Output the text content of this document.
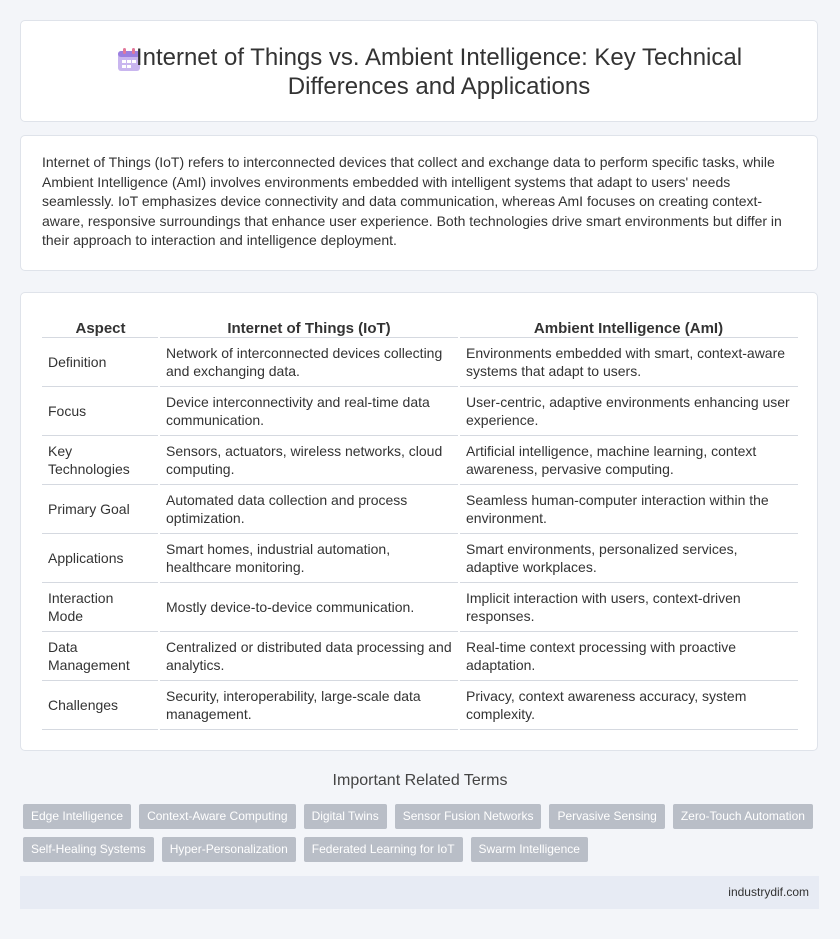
Internet of Things vs. Ambient Intelligence: Key Technical Differences and Applications

Internet of Things (IoT) refers to interconnected devices that collect and exchange data to perform specific tasks, while Ambient Intelligence (AmI) involves environments embedded with intelligent systems that adapt to users' needs seamlessly. IoT emphasizes device connectivity and data communication, whereas AmI focuses on creating context-aware, responsive surroundings that enhance user experience. Both technologies drive smart environments but differ in their approach to interaction and intelligence deployment.

Aspect	Internet of Things (IoT)	Ambient Intelligence (AmI)
Definition	Network of interconnected devices collecting and exchanging data.	Environments embedded with smart, context-aware systems that adapt to users.
Focus	Device interconnectivity and real-time data communication.	User-centric, adaptive environments enhancing user experience.
Key Technologies	Sensors, actuators, wireless networks, cloud computing.	Artificial intelligence, machine learning, context awareness, pervasive computing.
Primary Goal	Automated data collection and process optimization.	Seamless human-computer interaction within the environment.
Applications	Smart homes, industrial automation, healthcare monitoring.	Smart environments, personalized services, adaptive workplaces.
Interaction Mode	Mostly device-to-device communication.	Implicit interaction with users, context-driven responses.
Data Management	Centralized or distributed data processing and analytics.	Real-time context processing with proactive adaptation.
Challenges	Security, interoperability, large-scale data management.	Privacy, context awareness accuracy, system complexity.
Important Related Terms
Edge Intelligence	Context-Aware Computing	Digital Twins	Sensor Fusion Networks	Pervasive Sensing	Zero-Touch Automation
Self-Healing Systems	Hyper-Personalization	Federated Learning for IoT	Swarm Intelligence
industrydif.com
